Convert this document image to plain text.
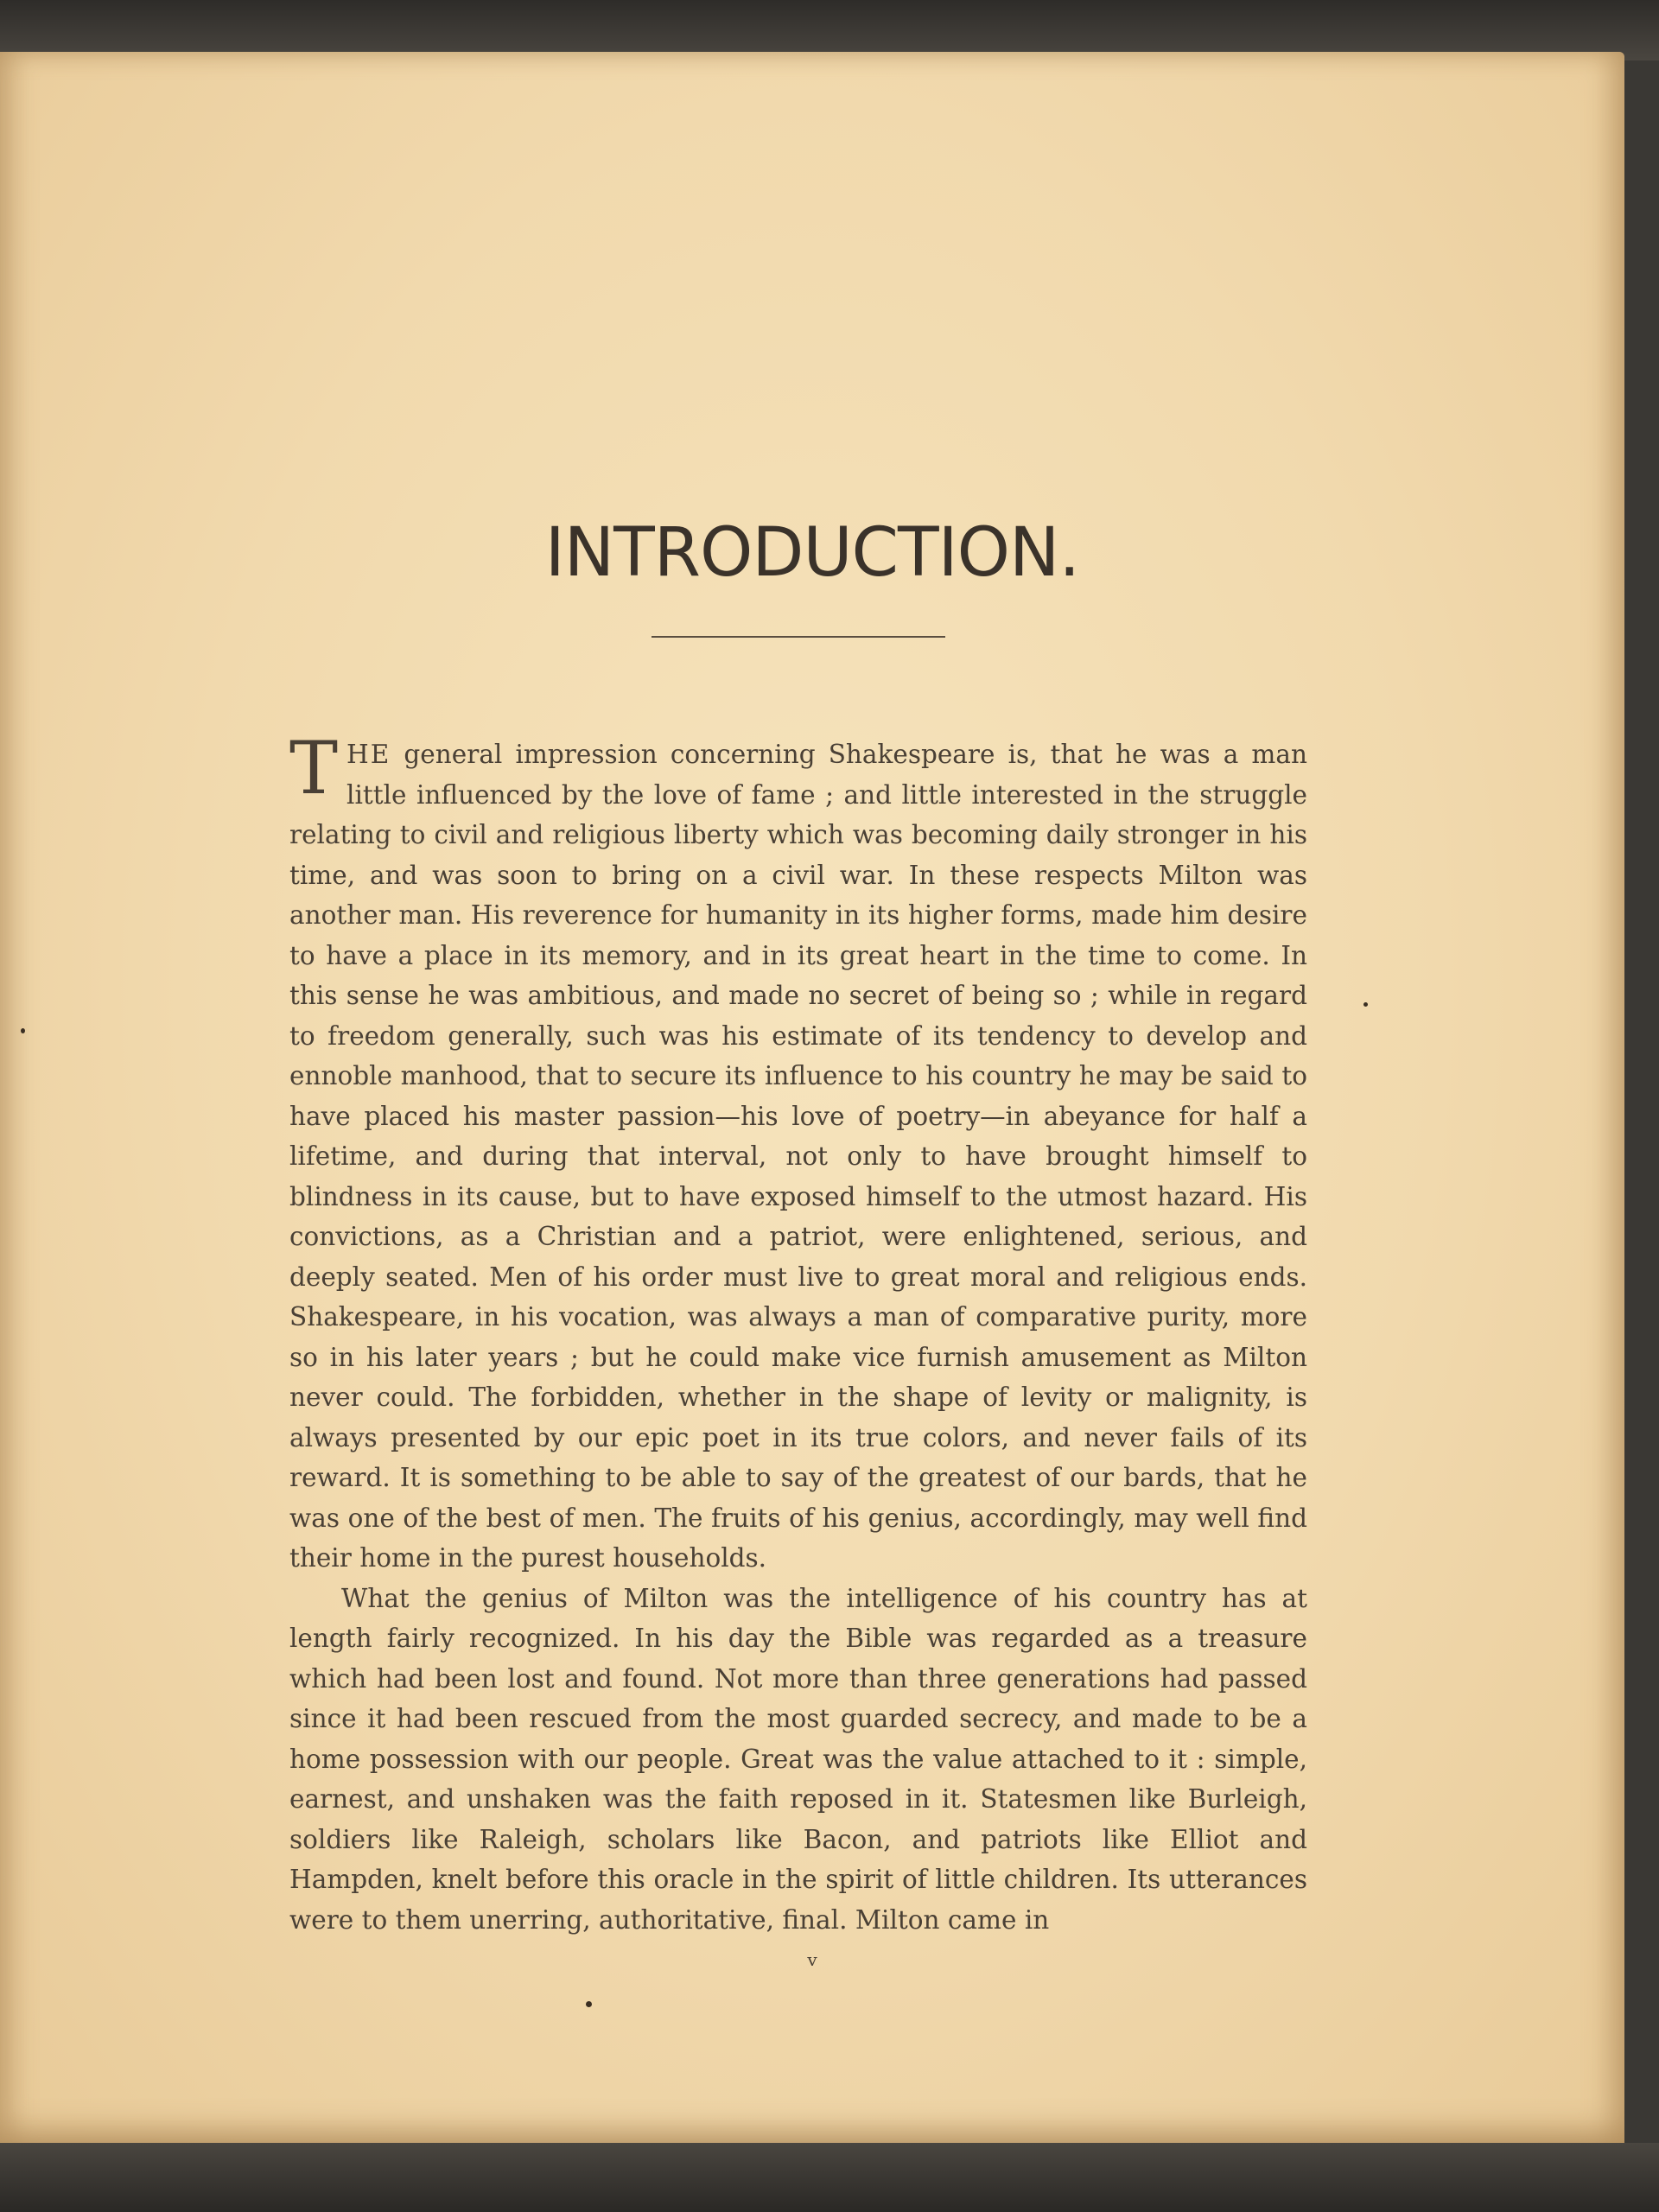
INTRODUCTION.

THE general impression concerning Shakespeare is, that he was a man little influenced by the love of fame ; and little interested in the struggle relating to civil and religious liberty which was becoming daily stronger in his time, and was soon to bring on a civil war. In these respects Milton was another man. His reverence for humanity in its higher forms, made him desire to have a place in its memory, and in its great heart in the time to come. In this sense he was ambitious, and made no secret of being so ; while in regard to freedom generally, such was his estimate of its tendency to develop and ennoble manhood, that to secure its influence to his country he may be said to have placed his master passion—his love of poetry—in abeyance for half a lifetime, and during that interval, not only to have brought himself to blindness in its cause, but to have exposed himself to the utmost hazard. His convictions, as a Christian and a patriot, were enlightened, serious, and deeply seated. Men of his order must live to great moral and religious ends. Shakespeare, in his vocation, was always a man of comparative purity, more so in his later years ; but he could make vice furnish amusement as Milton never could. The forbidden, whether in the shape of levity or malignity, is always presented by our epic poet in its true colors, and never fails of its reward. It is something to be able to say of the greatest of our bards, that he was one of the best of men. The fruits of his genius, accordingly, may well find their home in the purest households.

What the genius of Milton was the intelligence of his country has at length fairly recognized. In his day the Bible was regarded as a treasure which had been lost and found. Not more than three generations had passed since it had been rescued from the most guarded secrecy, and made to be a home possession with our people. Great was the value attached to it : simple, earnest, and unshaken was the faith reposed in it. Statesmen like Burleigh, soldiers like Raleigh, scholars like Bacon, and patriots like Elliot and Hampden, knelt before this oracle in the spirit of little children. Its utterances were to them unerring, authoritative, final. Milton came in

v
